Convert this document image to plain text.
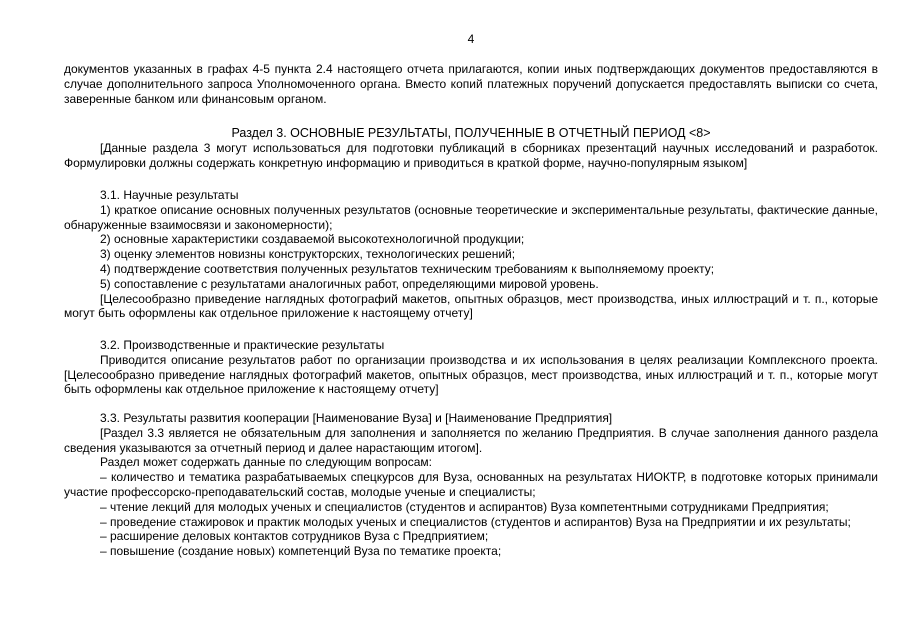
4

документов указанных в графах 4-5 пункта 2.4 настоящего отчета прилагаются, копии иных подтверждающих документов предоставляются в случае дополнительного запроса Уполномоченного органа. Вместо копий платежных поручений допускается предоставлять выписки со счета, заверенные банком или финансовым органом.

Раздел 3. ОСНОВНЫЕ РЕЗУЛЬТАТЫ, ПОЛУЧЕННЫЕ В ОТЧЕТНЫЙ ПЕРИОД <8>

[Данные раздела 3 могут использоваться для подготовки публикаций в сборниках презентаций научных исследований и разработок. Формулировки должны содержать конкретную информацию и приводиться в краткой форме, научно-популярным языком]

3.1. Научные результаты

1) краткое описание основных полученных результатов (основные теоретические и экспериментальные результаты, фактические данные, обнаруженные взаимосвязи и закономерности);

2) основные характеристики создаваемой высокотехнологичной продукции;

3) оценку элементов новизны конструкторских, технологических решений;

4) подтверждение соответствия полученных результатов техническим требованиям к выполняемому проекту;

5) сопоставление с результатами аналогичных работ, определяющими мировой уровень.

[Целесообразно приведение наглядных фотографий макетов, опытных образцов, мест производства, иных иллюстраций и т. п., которые могут быть оформлены как отдельное приложение к настоящему отчету]

3.2. Производственные и практические результаты

Приводится описание результатов работ по организации производства и их использования в целях реализации Комплексного проекта. [Целесообразно приведение наглядных фотографий макетов, опытных образцов, мест производства, иных иллюстраций и т. п., которые могут быть оформлены как отдельное приложение к настоящему отчету]

3.3. Результаты развития кооперации [Наименование Вуза] и [Наименование Предприятия]

[Раздел 3.3 является не обязательным для заполнения и заполняется по желанию Предприятия. В случае заполнения данного раздела сведения указываются за отчетный период и далее нарастающим итогом].

Раздел может содержать данные по следующим вопросам:

– количество и тематика разрабатываемых спецкурсов для Вуза, основанных на результатах НИОКТР, в подготовке которых принимали участие профессорско-преподавательский состав, молодые ученые и специалисты;

– чтение лекций для молодых ученых и специалистов (студентов и аспирантов) Вуза компетентными сотрудниками Предприятия;

– проведение стажировок и практик молодых ученых и специалистов (студентов и аспирантов) Вуза на Предприятии и их результаты;

– расширение деловых контактов сотрудников Вуза с Предприятием;

– повышение (создание новых) компетенций Вуза по тематике проекта;
